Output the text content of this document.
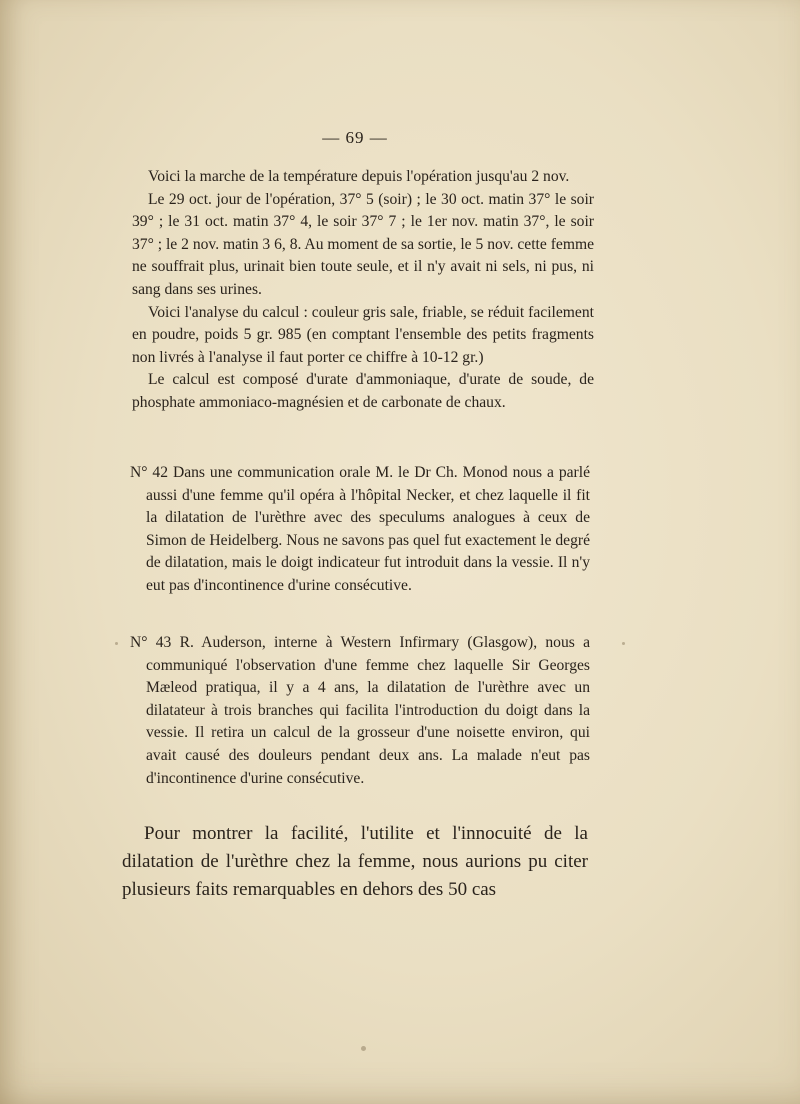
— 69 —

Voici la marche de la température depuis l'opération jusqu'au 2 nov.

Le 29 oct. jour de l'opération, 37° 5 (soir) ; le 30 oct. matin 37° le soir 39° ; le 31 oct. matin 37° 4, le soir 37° 7 ; le 1er nov. matin 37°, le soir 37° ; le 2 nov. matin 3 6, 8. Au moment de sa sortie, le 5 nov. cette femme ne souffrait plus, urinait bien toute seule, et il n'y avait ni sels, ni pus, ni sang dans ses urines.

Voici l'analyse du calcul : couleur gris sale, friable, se réduit facilement en poudre, poids 5 gr. 985 (en comptant l'ensemble des petits fragments non livrés à l'analyse il faut porter ce chiffre à 10-12 gr.)

Le calcul est composé d'urate d'ammoniaque, d'urate de soude, de phosphate ammoniaco-magnésien et de carbonate de chaux.

N° 42 Dans une communication orale M. le Dr Ch. Monod nous a parlé aussi d'une femme qu'il opéra à l'hôpital Necker, et chez laquelle il fit la dilatation de l'urèthre avec des speculums analogues à ceux de Simon de Heidelberg. Nous ne savons pas quel fut exactement le degré de dilatation, mais le doigt indicateur fut introduit dans la vessie. Il n'y eut pas d'incontinence d'urine consécutive.

N° 43 R. Auderson, interne à Western Infirmary (Glasgow), nous a communiqué l'observation d'une femme chez laquelle Sir Georges Mæleod pratiqua, il y a 4 ans, la dilatation de l'urèthre avec un dilatateur à trois branches qui facilita l'introduction du doigt dans la vessie. Il retira un calcul de la grosseur d'une noisette environ, qui avait causé des douleurs pendant deux ans. La malade n'eut pas d'incontinence d'urine consécutive.

Pour montrer la facilité, l'utilite et l'innocuité de la dilatation de l'urèthre chez la femme, nous aurions pu citer plusieurs faits remarquables en dehors des 50 cas
